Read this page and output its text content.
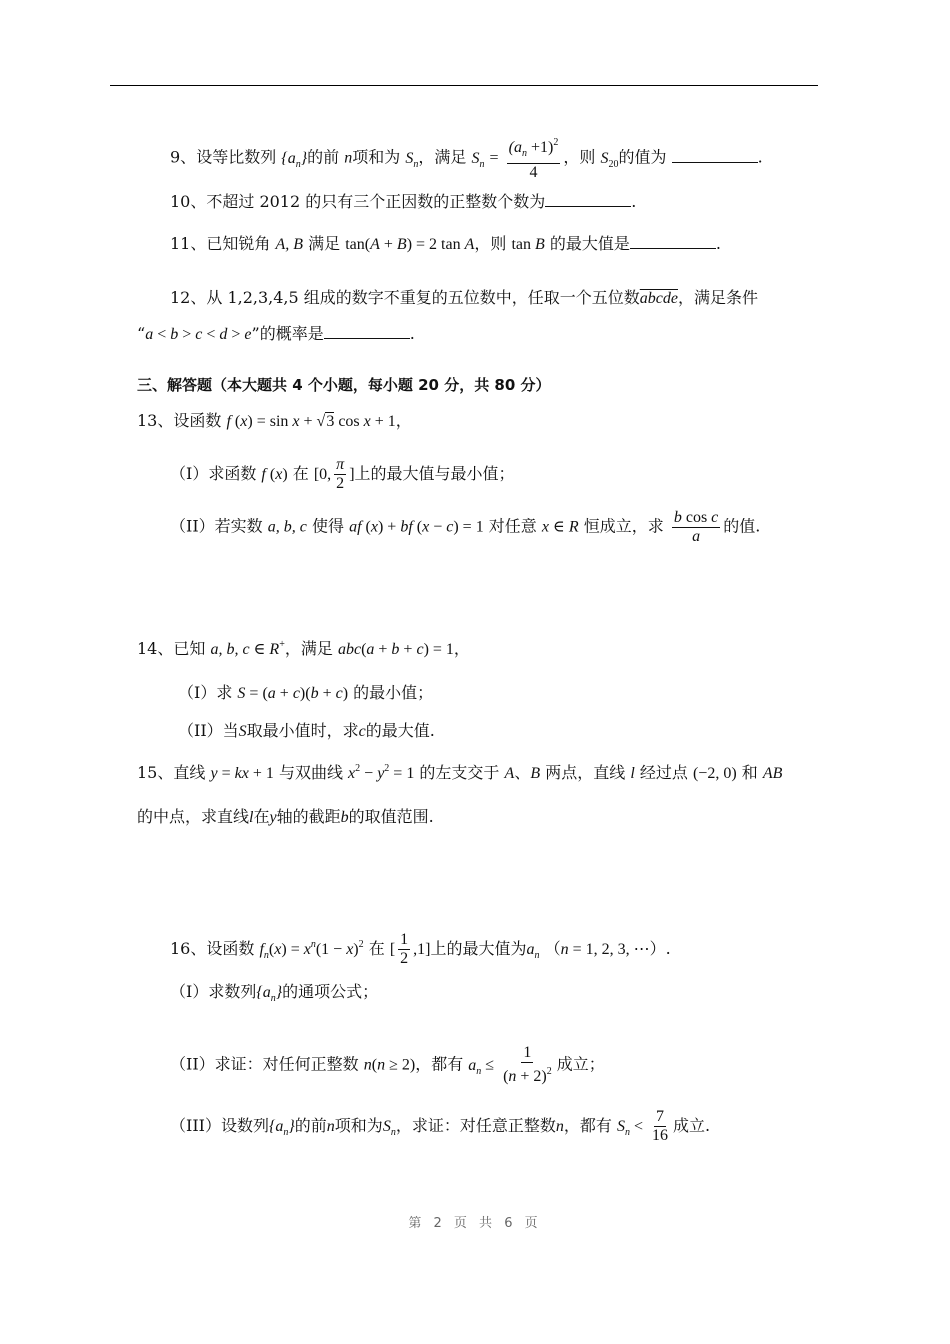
9、设等比数列 $\{a_n\}$的前 n项和为 $S_n$，满足 $S_n = \frac{(a_n +1)^2}{4}$ ，则 $S_{20}$的值为	.
10、不超过 2012 的只有三个正因数的正整数个数为	.
11、已知锐角 A, B 满足 tan(A + B) = 2 tan A，则 tan B 的最大值是	.
12、从 1,2,3,4,5 组成的数字不重复的五位数中，任取一个五位数abcde，满足条件
“a < b > c < d > e”的概率是	.
三、解答题（本大题共 4 个小题，每小题 20 分，共 80 分）
13、设函数 f (x) = sin x + √3 cos x + 1，
（I）求函数 f (x) 在 [0, $\frac{\pi}{2}$ ]上的最大值与最小值；
（II）若实数 a, b, c 使得 af (x) + bf (x − c) = 1 对任意 x ∈ R 恒成立，求 $\frac{\text{b cos c}}{a}$ 的值.
14、已知 a, b, c ∈ R+，满足 abc(a + b + c) = 1，
（I）求 S = (a + c)(b + c) 的最小值；
（II）当S取最小值时，求c的最大值.
15、直线 y = kx + 1 与双曲线 $x^2 - y^2 = 1$ 的左支交于 A、B 两点，直线 l 经过点 (−2, 0) 和 AB
的中点，求直线l在y轴的截距b的取值范围.
16、设函数 $f_n(x) = x^n(1 - x)^2$ 在 [ $\frac{1}{2} ,1$]上的最大值为$a_n$ （n = 1, 2, 3, ⋯）.
（I）求数列$\{a_n\}$的通项公式；
（II）求证：对任何正整数 n(n ≥ 2)，都有 $a_n \le \frac{1}{(n + 2)^2}$ 成立；
（III）设数列$\{a_n\}$的前n项和为$S_n$，求证：对任意正整数n，都有 $S_n < \frac{7}{16}$ 成立.
第 2 页 共 6 页
